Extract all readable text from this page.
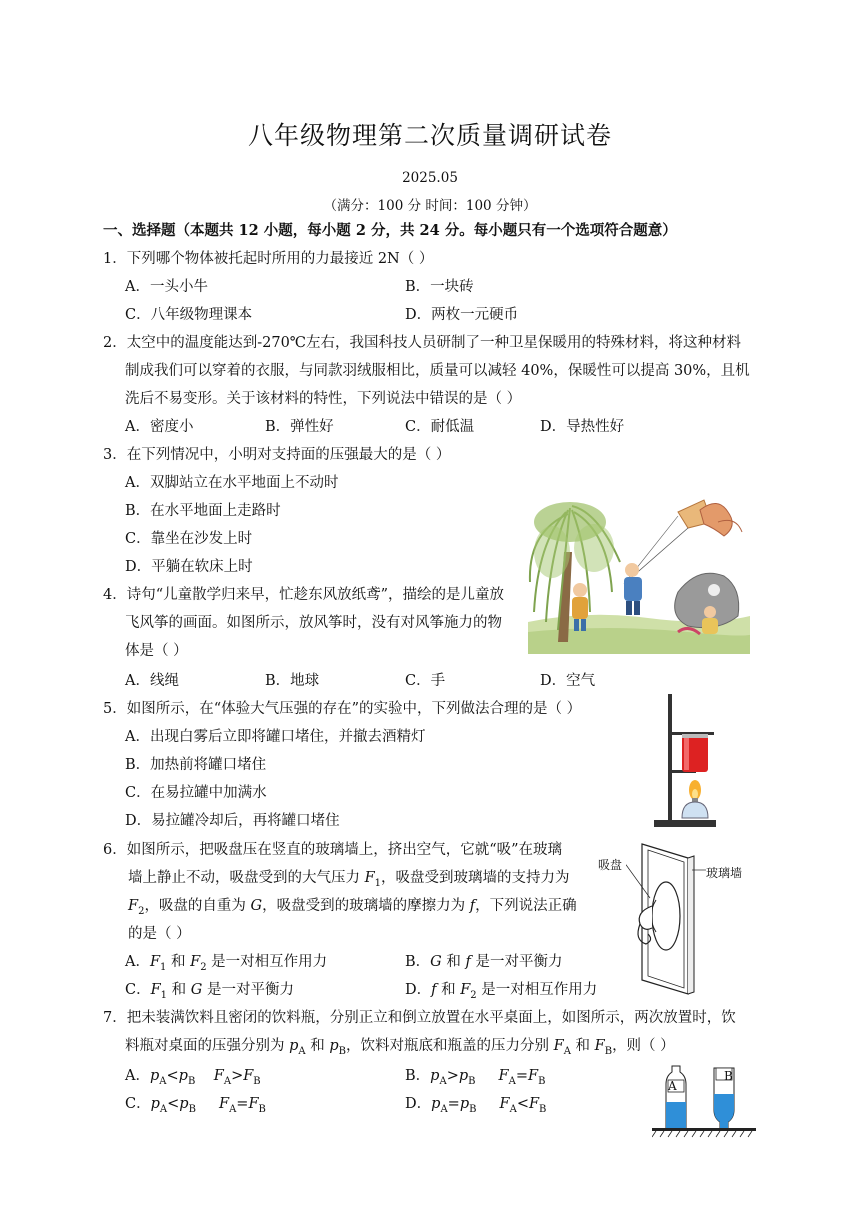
八年级物理第二次质量调研试卷
2025.05
（满分：100 分 时间：100 分钟）
一、选择题（本题共 12 小题，每小题 2 分，共 24 分。每小题只有一个选项符合题意）
1．下列哪个物体被托起时所用的力最接近 2N（ ）
A．一头小牛	B．一块砖
C．八年级物理课本	D．两枚一元硬币
2．太空中的温度能达到-270℃左右，我国科技人员研制了一种卫星保暖用的特殊材料，将这种材料
制成我们可以穿着的衣服，与同款羽绒服相比，质量可以减轻 40%，保暖性可以提高 30%，且机
洗后不易变形。关于该材料的特性，下列说法中错误的是（ ）
A．密度小	B．弹性好	C．耐低温	D．导热性好
3．在下列情况中，小明对支持面的压强最大的是（ ）
A．双脚站立在水平地面上不动时
B．在水平地面上走路时
C．靠坐在沙发上时
D．平躺在软床上时
4．诗句“儿童散学归来早，忙趁东风放纸鸢”，描绘的是儿童放
飞风筝的画面。如图所示，放风筝时，没有对风筝施力的物
体是（ ）
A．线绳	B．地球	C．手	D．空气
5．如图所示，在“体验大气压强的存在”的实验中，下列做法合理的是（ ）
A．出现白雾后立即将罐口堵住，并撤去酒精灯
B．加热前将罐口堵住
C．在易拉罐中加满水
D．易拉罐冷却后，再将罐口堵住
6．如图所示，把吸盘压在竖直的玻璃墙上，挤出空气，它就“吸”在玻璃
墙上静止不动，吸盘受到的大气压力 $F_1$，吸盘受到玻璃墙的支持力为
$F_2$，吸盘的自重为 G，吸盘受到的玻璃墙的摩擦力为 f，下列说法正确
的是（ ）
A．$F_1$ 和 $F_2$ 是一对相互作用力	B．G 和 f 是一对平衡力
C．$F_1$ 和 G 是一对平衡力	D．f 和 $F_2$ 是一对相互作用力
吸盘
玻璃墙
7．把未装满饮料且密闭的饮料瓶，分别正立和倒立放置在水平桌面上，如图所示，两次放置时，饮
料瓶对桌面的压强分别为 $p_A$ 和 $p_B$，饮料对瓶底和瓶盖的压力分别 $F_A$ 和 $F_B$，则（ ）
A．$p_A<p_B$ $F_A>F_B$	B．$p_A>p_B$ $F_A=F_B$
C．$p_A<p_B$ $F_A=F_B$	D．$p_A=p_B$ $F_A<F_B$
A
B
